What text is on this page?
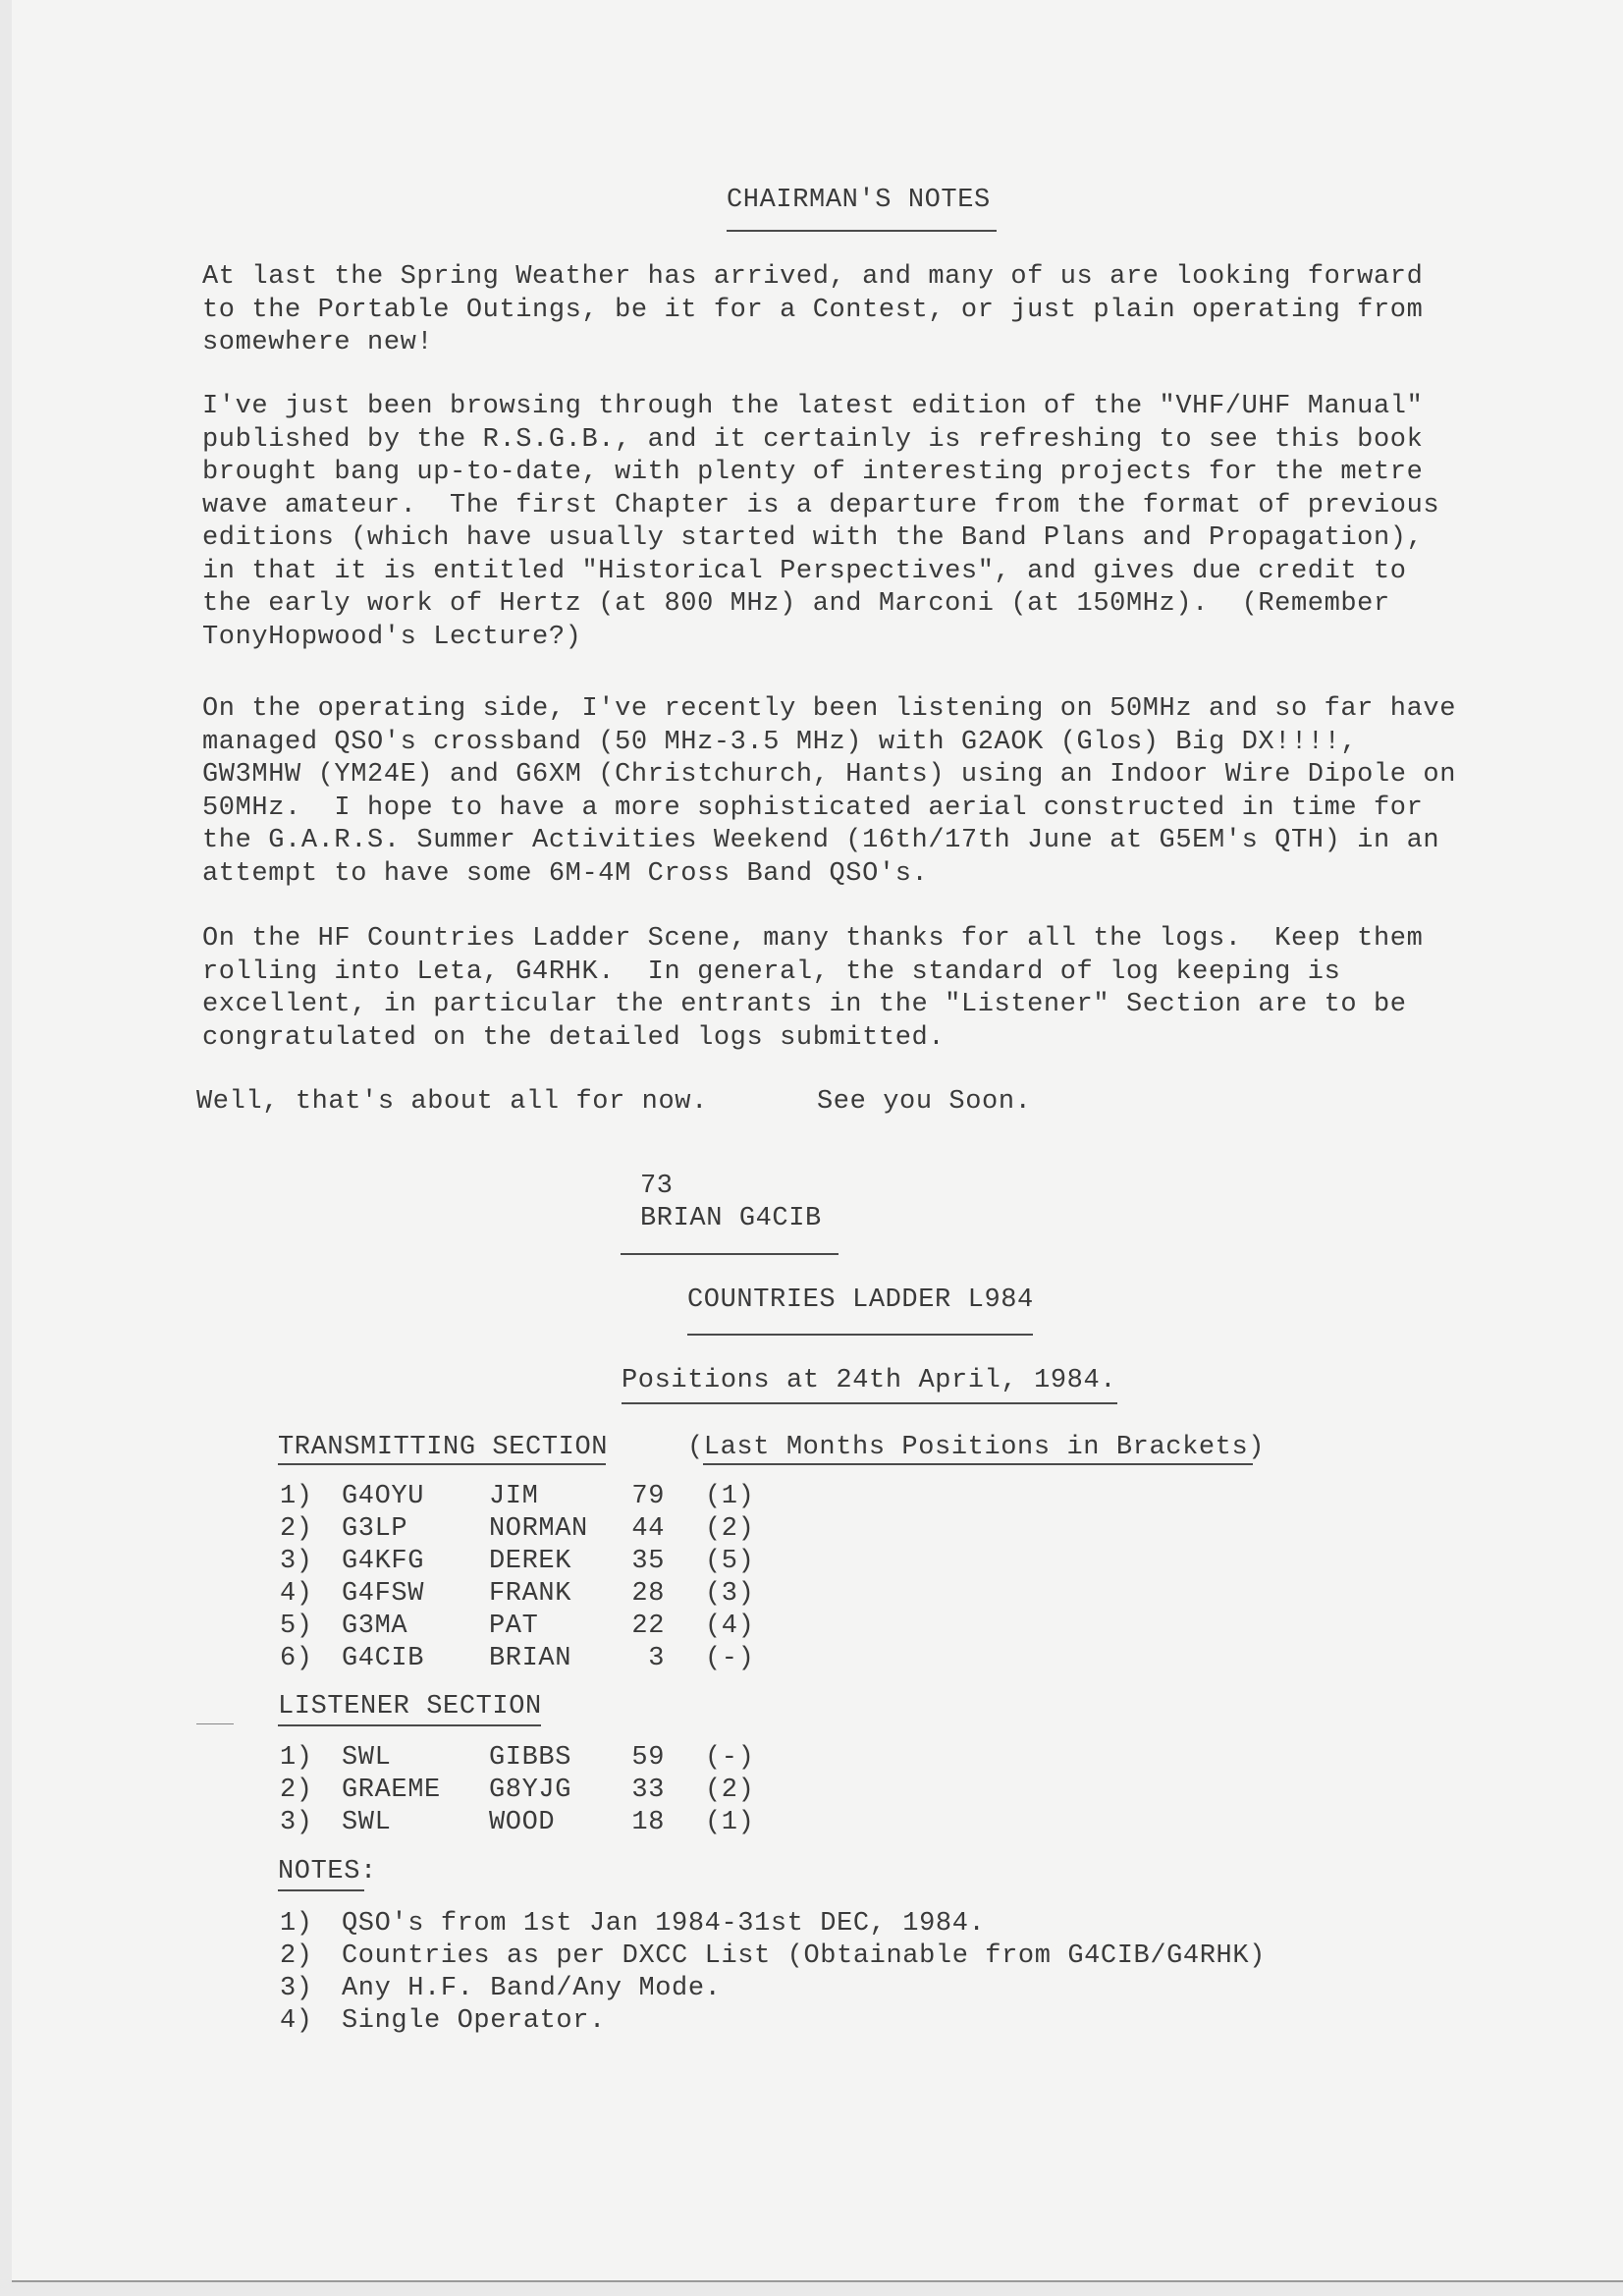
CHAIRMAN'S NOTES
At last the Spring Weather has arrived, and many of us are looking forward
to the Portable Outings, be it for a Contest, or just plain operating from
somewhere new!
I've just been browsing through the latest edition of the "VHF/UHF Manual"
published by the R.S.G.B., and it certainly is refreshing to see this book
brought bang up-to-date, with plenty of interesting projects for the metre
wave amateur.  The first Chapter is a departure from the format of previous
editions (which have usually started with the Band Plans and Propagation),
in that it is entitled "Historical Perspectives", and gives due credit to
the early work of Hertz (at 800 MHz) and Marconi (at 150MHz).  (Remember
TonyHopwood's Lecture?)
On the operating side, I've recently been listening on 50MHz and so far have
managed QSO's crossband (50 MHz-3.5 MHz) with G2AOK (Glos) Big DX!!!!,
GW3MHW (YM24E) and G6XM (Christchurch, Hants) using an Indoor Wire Dipole on
50MHz.  I hope to have a more sophisticated aerial constructed in time for
the G.A.R.S. Summer Activities Weekend (16th/17th June at G5EM's QTH) in an
attempt to have some 6M-4M Cross Band QSO's.
On the HF Countries Ladder Scene, many thanks for all the logs.  Keep them
rolling into Leta, G4RHK.  In general, the standard of log keeping is
excellent, in particular the entrants in the "Listener" Section are to be
congratulated on the detailed logs submitted.
Well, that's about all for now.	See you Soon.
73
BRIAN G4CIB
COUNTRIES LADDER L984
Positions at 24th April, 1984.
TRANSMITTING SECTION	(Last Months Positions in Brackets)
1) G4OYU JIM	79 (1)
2) G3LP	NORMAN 44 (2)
3) G4KFG DEREK 35 (5)
4) G4FSW FRANK 28 (3)
5) G3MA	PAT	22 (4)
6) G4CIB BRIAN	3 (-)
LISTENER SECTION
1) SWL	GIBBS 59 (-)
2) GRAEME G8YJG 33 (2)
3) SWL	WOOD	18 (1)
NOTES:
1) QSO's from 1st Jan 1984-31st DEC, 1984.
2) Countries as per DXCC List (Obtainable from G4CIB/G4RHK)
3) Any H.F. Band/Any Mode.
4) Single Operator.
